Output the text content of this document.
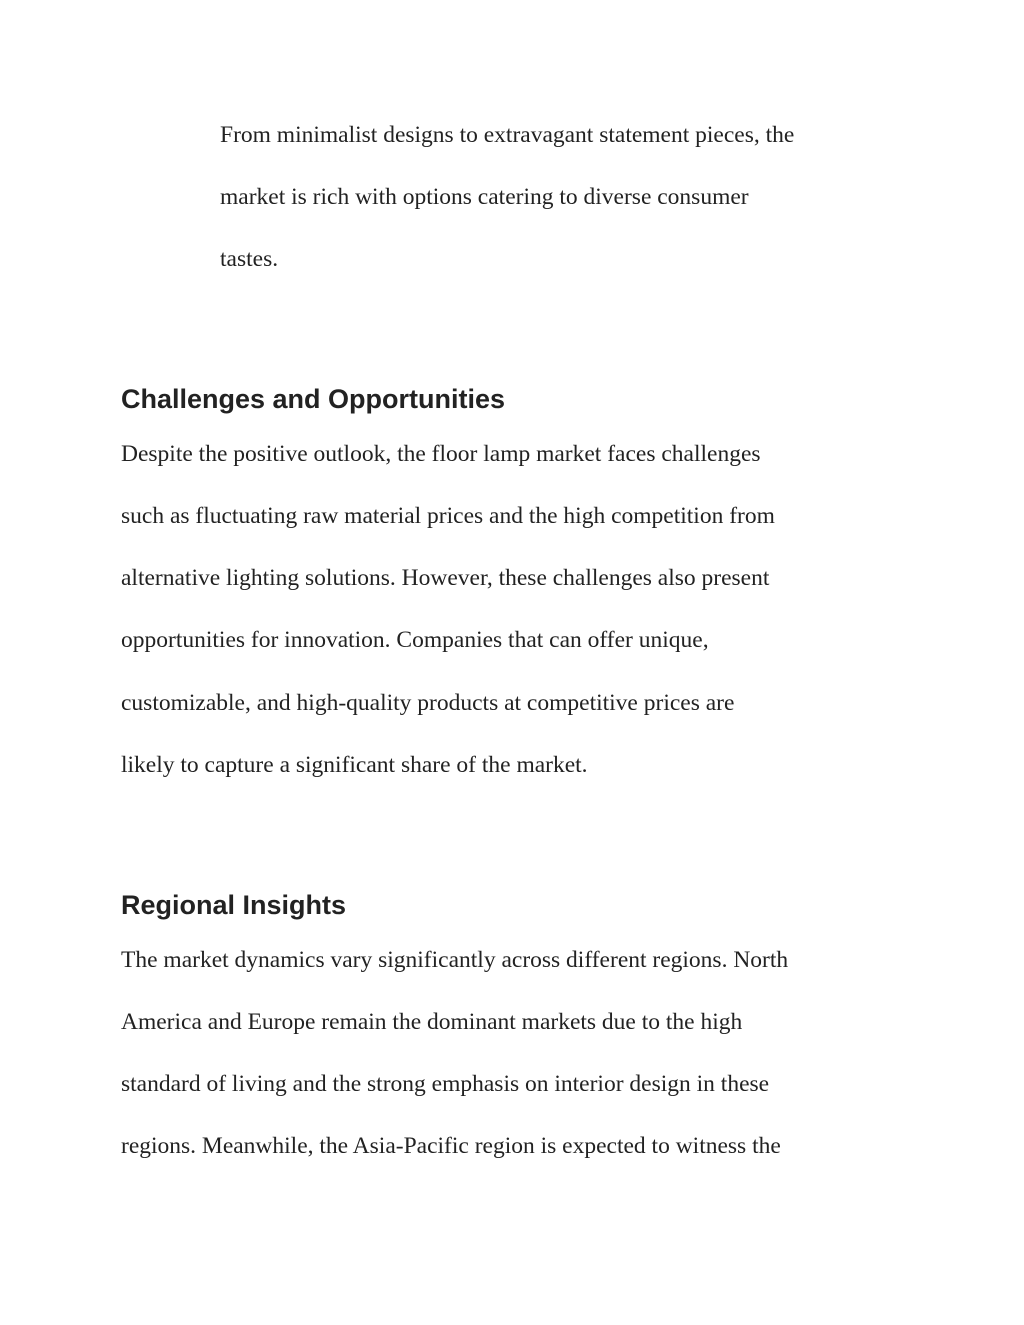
From minimalist designs to extravagant statement pieces, the
market is rich with options catering to diverse consumer
tastes.
Challenges and Opportunities
Despite the positive outlook, the floor lamp market faces challenges
such as fluctuating raw material prices and the high competition from
alternative lighting solutions. However, these challenges also present
opportunities for innovation. Companies that can offer unique,
customizable, and high-quality products at competitive prices are
likely to capture a significant share of the market.
Regional Insights
The market dynamics vary significantly across different regions. North
America and Europe remain the dominant markets due to the high
standard of living and the strong emphasis on interior design in these
regions. Meanwhile, the Asia-Pacific region is expected to witness the
